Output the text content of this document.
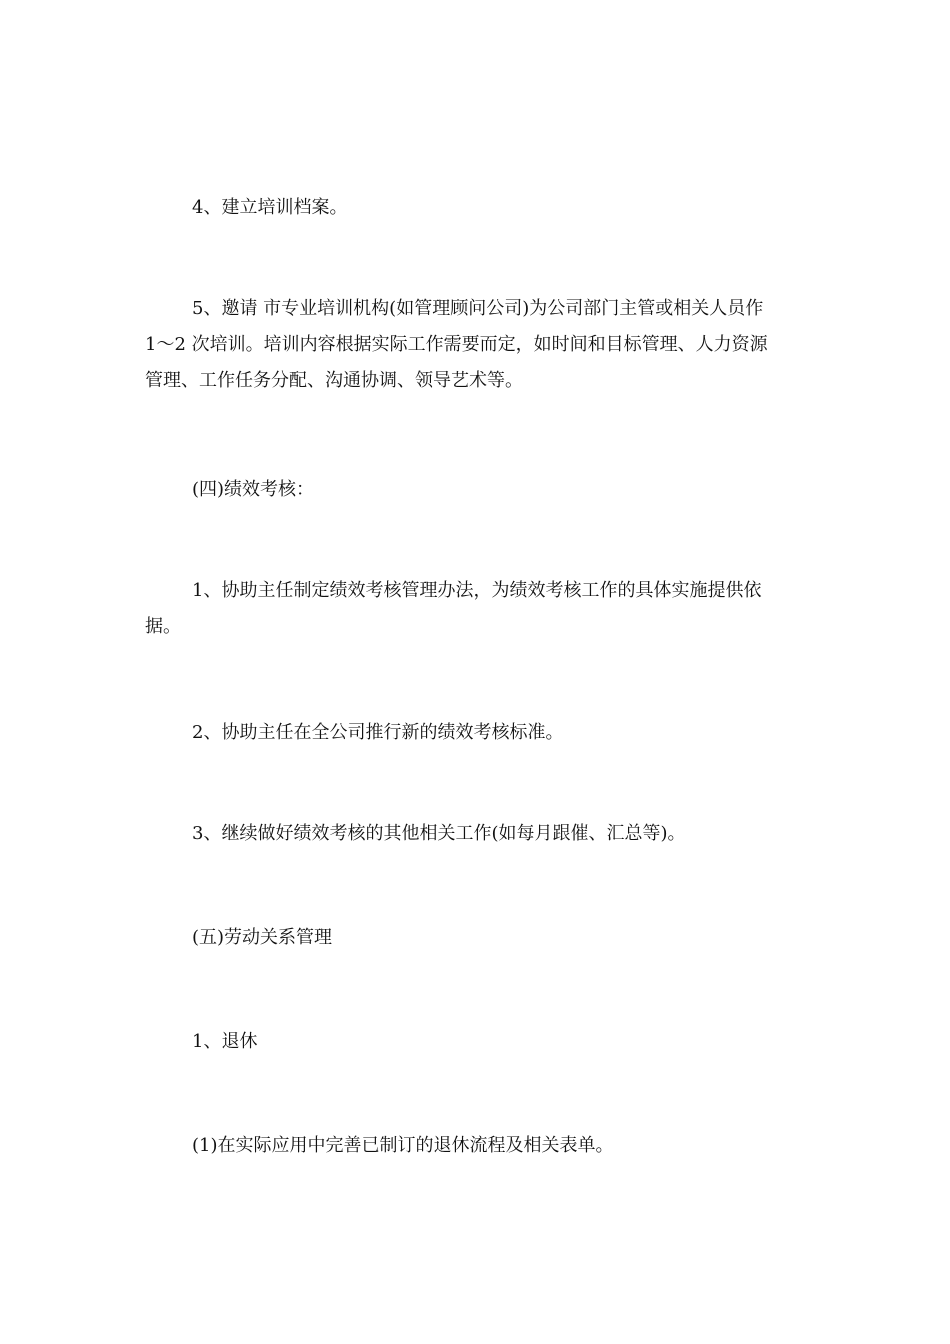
4、建立培训档案。

5、邀请 市专业培训机构(如管理顾问公司)为公司部门主管或相关人员作
1～2 次培训。培训内容根据实际工作需要而定，如时间和目标管理、人力资源
管理、工作任务分配、沟通协调、领导艺术等。

(四)绩效考核：

1、协助主任制定绩效考核管理办法，为绩效考核工作的具体实施提供依
据。

2、协助主任在全公司推行新的绩效考核标准。

3、继续做好绩效考核的其他相关工作(如每月跟催、汇总等)。

(五)劳动关系管理

1、退休

(1)在实际应用中完善已制订的退休流程及相关表单。
